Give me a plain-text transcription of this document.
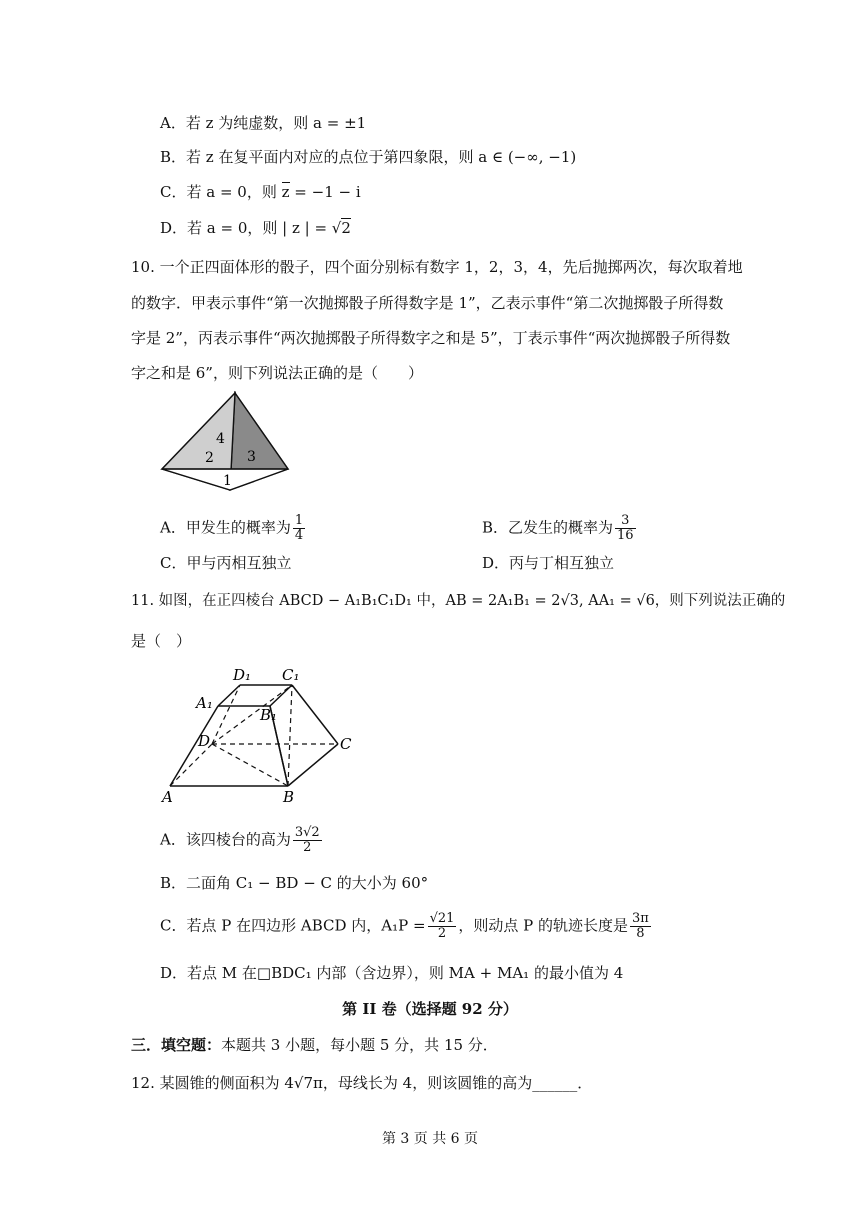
A．若 z 为纯虚数，则 a = ±1
B．若 z 在复平面内对应的点位于第四象限，则 a ∈ (−∞, −1)
C．若 a = 0，则 z = −1 − i
D．若 a = 0，则 | z | = √2
10. 一个正四面体形的骰子，四个面分别标有数字 1，2，3，4，先后抛掷两次，每次取着地
的数字．甲表示事件“第一次抛掷骰子所得数字是 1”，乙表示事件“第二次抛掷骰子所得数
字是 2”，丙表示事件“两次抛掷骰子所得数字之和是 5”，丁表示事件“两次抛掷骰子所得数
字之和是 6”，则下列说法正确的是（　　）
4
2 3
1
A．甲发生的概率为 $\frac{1}{4}$	B．乙发生的概率为 $\frac{3}{16}$
C．甲与丙相互独立	D．丙与丁相互独立
11. 如图，在正四棱台 ABCD − A₁B₁C₁D₁ 中，AB = 2A₁B₁ = 2√3, AA₁ = √6，则下列说法正确的
是（　）
D₁ C₁
A₁
B₁
D	C
A	B
A．该四棱台的高为 $\frac{3√2}{2}$
B．二面角 C₁ − BD − C 的大小为 60°
C．若点 P 在四边形 ABCD 内，$A_1P = \frac{√21}{2}$ ，则动点 P 的轨迹长度是 $\frac{3\pi}{8}$
D．若点 M 在□BDC₁ 内部（含边界），则 MA + MA₁ 的最小值为 4
第 II 卷（选择题 92 分）
三．填空题：本题共 3 小题，每小题 5 分，共 15 分．
12. 某圆锥的侧面积为 4√7π，母线长为 4，则该圆锥的高为______．
第 3 页 共 6 页
